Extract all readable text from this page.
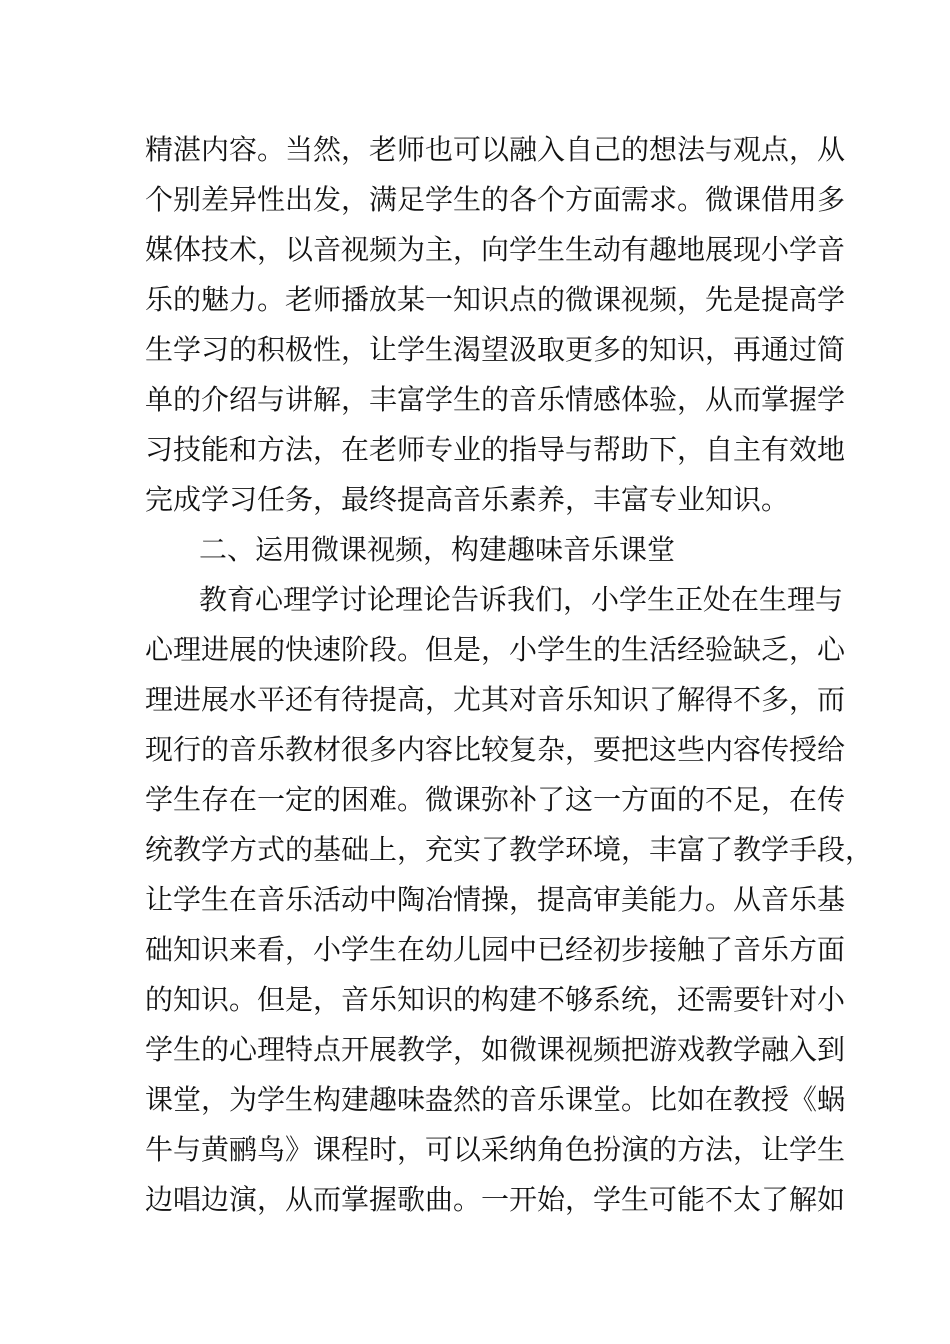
精湛内容。当然，老师也可以融入自己的想法与观点，从
个别差异性出发，满足学生的各个方面需求。微课借用多
媒体技术，以音视频为主，向学生生动有趣地展现小学音
乐的魅力。老师播放某一知识点的微课视频，先是提高学
生学习的积极性，让学生渴望汲取更多的知识，再通过简
单的介绍与讲解，丰富学生的音乐情感体验，从而掌握学
习技能和方法，在老师专业的指导与帮助下，自主有效地
完成学习任务，最终提高音乐素养，丰富专业知识。
二、运用微课视频，构建趣味音乐课堂
教育心理学讨论理论告诉我们，小学生正处在生理与
心理进展的快速阶段。但是，小学生的生活经验缺乏，心
理进展水平还有待提高，尤其对音乐知识了解得不多，而
现行的音乐教材很多内容比较复杂，要把这些内容传授给
学生存在一定的困难。微课弥补了这一方面的不足，在传
统教学方式的基础上，充实了教学环境，丰富了教学手段，
让学生在音乐活动中陶冶情操，提高审美能力。从音乐基
础知识来看，小学生在幼儿园中已经初步接触了音乐方面
的知识。但是，音乐知识的构建不够系统，还需要针对小
学生的心理特点开展教学，如微课视频把游戏教学融入到
课堂，为学生构建趣味盎然的音乐课堂。比如在教授《蜗
牛与黄鹂鸟》课程时，可以采纳角色扮演的方法，让学生
边唱边演，从而掌握歌曲。一开始，学生可能不太了解如
